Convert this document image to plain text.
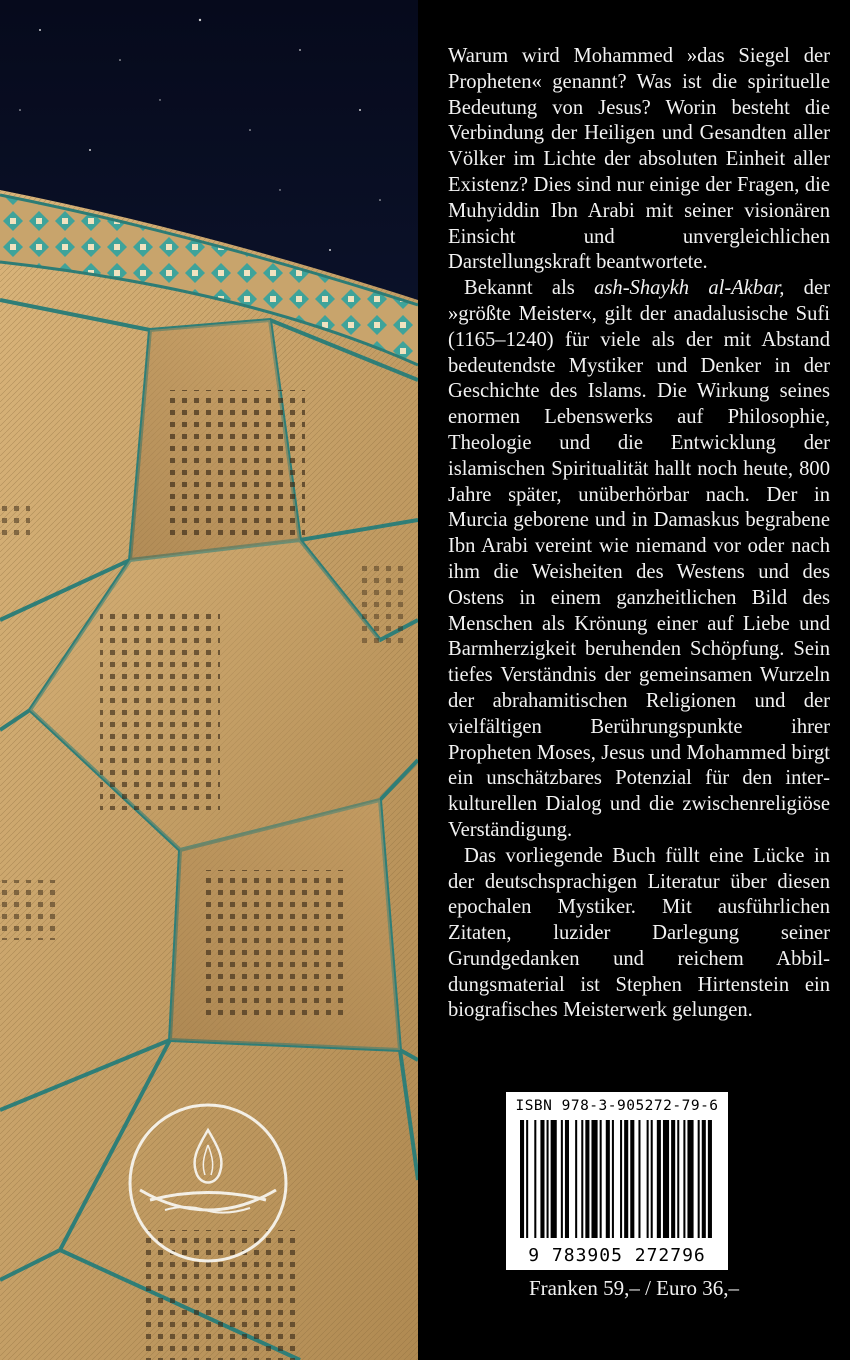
Warum wird Mohammed »das Siegel der Propheten« genannt? Was ist die spirituelle Bedeutung von Jesus? Worin besteht die Verbindung der Heiligen und Gesandten aller Völker im Lichte der absoluten Einheit aller Existenz? Dies sind nur einige der Fragen, die Muhyiddin Ibn Arabi mit seiner visionären Einsicht und unvergleichlichen Darstellungskraft beantwortete.

Bekannt als ash-Shaykh al-Akbar, der »größte Meister«, gilt der anadalusische Sufi (1165–1240) für viele als der mit Abstand bedeutendste Mystiker und Denker in der Geschichte des Islams. Die Wirkung seines enormen Lebenswerks auf Philosophie, Theologie und die Entwicklung der islamischen Spiritualität hallt noch heute, 800 Jahre später, unüberhörbar nach. Der in Murcia geborene und in Damaskus begrabene Ibn Arabi vereint wie niemand vor oder nach ihm die Weisheiten des Westens und des Ostens in einem ganzheitlichen Bild des Menschen als Krönung einer auf Liebe und Barmherzigkeit beruhenden Schöpfung. Sein tiefes Verständnis der gemeinsamen Wurzeln der abrahamitischen Religionen und der vielfältigen Berührungspunkte ihrer Propheten Moses, Jesus und Mohammed birgt ein unschätzbares Potenzial für den interkulturellen Dialog und die zwischenreligiöse Verständigung.

Das vorliegende Buch füllt eine Lücke in der deutschsprachigen Literatur über diesen epochalen Mystiker. Mit ausführlichen Zitaten, luzider Darlegung seiner Grundgedanken und reichem Abbildungsmaterial ist Stephen Hirtenstein ein biografisches Meisterwerk gelungen.

ISBN 978-3-905272-79-6
9 783905 272796
Franken 59,– / Euro 36,–
